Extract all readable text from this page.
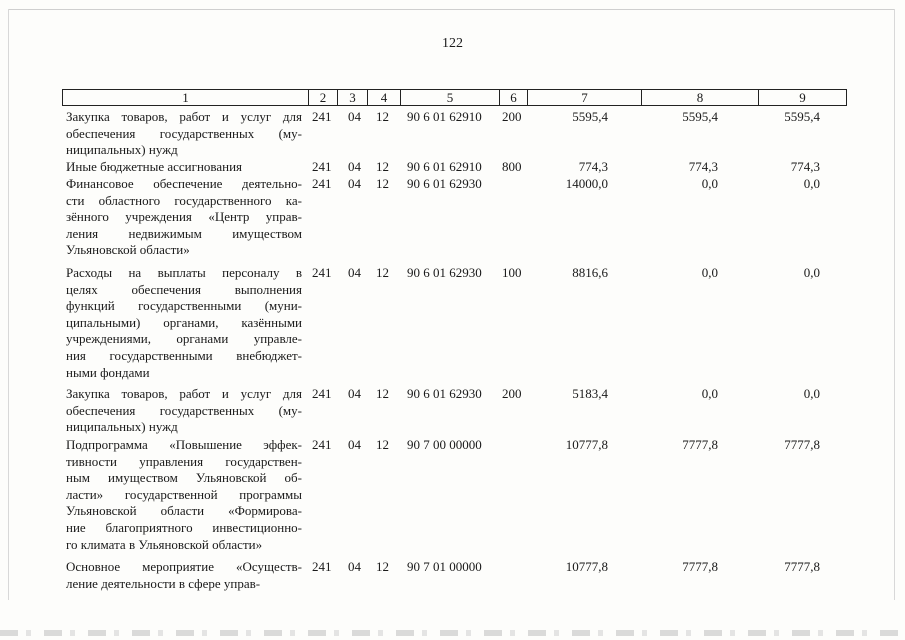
122
1	2	3	4	5	6	7	8	9
Закупка товаров, работ и услуг для
обеспечения государственных (му-
ниципальных) нужд
241	04	12	90 6 01 62910	200	5595,4	5595,4	5595,4
Иные бюджетные ассигнования	241	04	12	90 6 01 62910	800	774,3	774,3	774,3
Финансовое обеспечение деятельно-
сти областного государственного ка-
зённого учреждения «Центр управ-
ления недвижимым имуществом
Ульяновской области»
241	04	12	90 6 01 62930	14000,0	0,0	0,0
Расходы на выплаты персоналу в
целях обеспечения выполнения
функций государственными (муни-
ципальными) органами, казёнными
учреждениями, органами управле-
ния государственными внебюджет-
ными фондами
241	04	12	90 6 01 62930	100	8816,6	0,0	0,0
Закупка товаров, работ и услуг для
обеспечения государственных (му-
ниципальных) нужд
241	04	12	90 6 01 62930	200	5183,4	0,0	0,0
Подпрограмма «Повышение эффек-
тивности управления государствен-
ным имуществом Ульяновской об-
ласти» государственной программы
Ульяновской области «Формирова-
ние благоприятного инвестиционно-
го климата в Ульяновской области»
241	04	12	90 7 00 00000	10777,8	7777,8	7777,8
Основное мероприятие «Осуществ-
ление деятельности в сфере управ-
241	04	12	90 7 01 00000	10777,8	7777,8	7777,8
